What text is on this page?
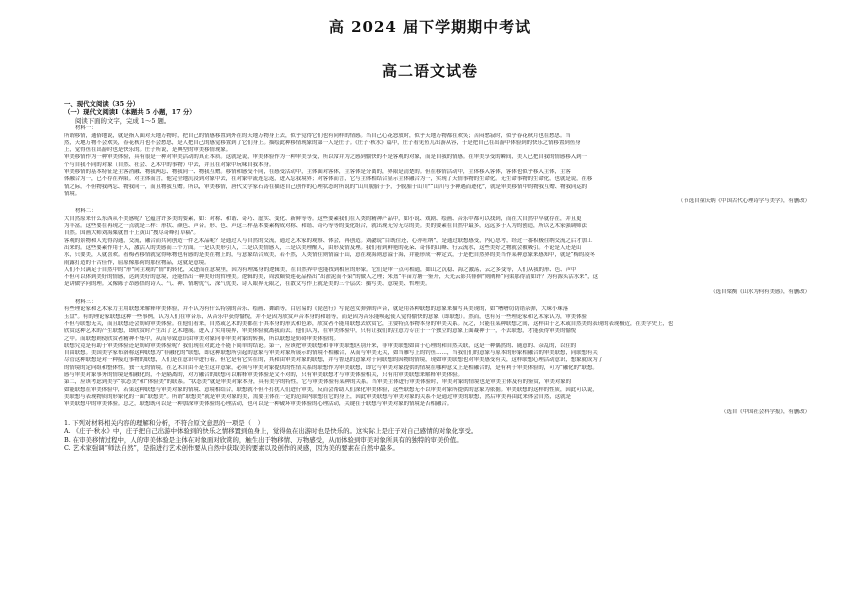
高 2024 届下学期期中考试
高二语文试卷
一、现代文阅读（35 分）
（一）现代文阅读Ⅰ（本题共 5 小题，17 分）
阅读下面的文字，完成 1～5 题。
材料一：
所谓移情，通俗地说，就是指人面对天地万物时，把自己的情感移置到外在的天地万物身上去，似乎觉得它们也有同样的情感。当自己心花怒放时，似乎天地万物都在欢笑；苦闷愁寂时，似乎春花秋月也在愁思。当
然，天地万物不会欢笑，春花秋月也不会愁思，是人把自己的感觉移置到了它们身上。描绘此种移情现象的第一人是庄子。《庄子·秋水》篇中，庄子看见鱼儿出游从容，于是把自己在出游中体验到的快乐之情移置到鱼身
上，觉得鱼在出游时也是快乐的。庄子所说，是典型的审美移情现象。
审美移情作为一种审美体验，具有很是一种对审美活动的真正本质。这就是说，审美体验作为一种审美享受，所以常并为之感到愉快的不是客观的对象，而是自我的情感。在审美享受的瞬间，美人已把自我的情感移入到一
个与自我不同的对象（自然、社会、艺术中的事物）中去，并且在对象中玩味自我本身。
审美移情的基本特征是主客消融、物我两忘、物我同一、物我互赠。移情和感受不同，在感受活动中，主体面对客体，主客体是分离的，界限是清楚的。但在移情活动中，主体移入客体，客体也似乎移入主体，主客
体融合为一，已不存在界限。对主体而言，他完全地沉浸到对象中去，在对象中流连忘返，进入忘我境界；对客体而言，它与主体相结合显示主体融合为一，实现了天情事物的生命化。无生命事物的生命化，也就是说，在移
情之际，不但物我两忘、物我同一，而且物我互赠。所以，审美移情，唐代文学家石涛在描述自己创作的心理状态时所说的“山川脱胎于予，予脱胎于山川”“山川与予神遇而迹化”，就是审美移情中的物我互赠、物我同运的
情境。
（节选自童庆炳《中国古代心理诗学与美学》，有删改）
材料二：
大自然原来什么东西从不美感呢？它蕴含许多美的要素，如：对称、和谐、奇巧、虚实、变化、新鲜等等。这些要素我们在人类的精神产品中，如小说、戏剧、绘画、音乐中都可以找到，而在大自然中早就存在，并且更
为丰富。这些要在再现之一点就是三样：形状、颜色、声音。形、色、声这三样基本要素构成对称、和谐、奇巧等等的变化组合，就出现无穷无尽的美。美的要素在自然中最多，远远多于人为的创造，所以艺术家强调师法
自然。国画大师刘海粟就曾十上黄山“搜尽奇峰打草稿”。
客观的景物和人先得沟通，交流，融合而共同创造一件艺术品呢？是通过人与自然的交流，通过艺术家的观察、体会，再创造。刘勰说“目既往还，心亦吐纳”，是通过联想感受，内心思考，经过一番积极往纳交流之后才加工
出来的。这些要素作用于人，激活人的美感而三个方面。一是以美形引人，二是以美情感人，三是以美理醒人，由形及情及理。我们看到鲜艳的花朵、奇伟的山峰、行云流水，这些美好之物就会被吸引。不论是人还是山
水，只要美，人就喜欢。看梅者移情就觉得咏物也有感的是美在物上的，与意象结合成美，若不然，人类情往则情溢于山，意在观海则意溢于海，并能形成一种定式，于是把自然界的美当作某种意象来感知中，就是“梅的凌冬
雨露打造的千古佳作，屈原像那荷的那位物品，这就是意境。
人们不只满足于自然中的“形”向主观的“情”的转化，又进而在意境里，因为有理寓身的逻辑美，在自然界中也能找到相应的形象。它们是审一点可相通，如山之沉稳、海之激荡，云之多变等，人们从我的形、色、声中
不但可以体到美好的情感，达到美好的意境，还能悟出一种美好的哲理美。逻辑的美，周敦颐赞莲花品格出“出淤泥而不染”的做人之理；朱熹“半亩方塘一鉴开，天光云影共徘徊”则阐释“问渠那得清如许？为有源头活水来”，这
是讲做学问的理。又像陈子昂感悟的诗人、气、神、情聘优气、深气优美、诗人眼界无限之，在散文写作上就是美的三个层次：摄写美、意境美、哲理美。
（选自梁衡《山水为何有美感》，有删改）
材料三：
有些理论家和艺术家力主用联想来解释审美体验，并不认为有什么特别的音乐、绘画、舞蹈等，白居易的《琵琶行》写琵琶女弹弹的声音，就是用各种联想的意象来描写具美现的，如“嘈嘈切切错杂弹，大珠小珠落
玉盘”。有的理论家联想这种一些事例，认为人们在审音乐，从音乐中获得愉悦，并不是因为欣赏声音本身的和谐等，而是因为音乐能唤起使人觉得愉快的意象（即联想）。然而，也有另一些理论家和艺术家认为，审美体验
不但与联想无关，而且联想还会妨碍审美体验。在他们看来，自然或艺术的美都在于其本身的形式和色彩，欣赏者不能用联想去欣赏它，主要特点事物本身的审美关系。反之，只能在某种联想之间，这样由于艺术或自然美的表现的表现极近，在美学史上，也
欣赏这种艺术的产生联想，即欣赏时产生出了艺术地展。进入了实用境界，审美体验就离我而去。他们认为，在审美体验中，只有让我们的注意力专注于一个独立的意象上面凝神于一，不去联想，才能获得审美的愉悦
之中。而联想则使欣赏者精神不集中，从而导致意识由审美对象向非审美对象的转换，所以联想是妨碍审美体验的。
联想究竟是有助于审美体验还是妨碍审美体验呢？我们现在对此还不能下简单的结论。第一，应该把审美联想和非审美联想区别开来，非审美联想如由于心理的和自然关联，这是一种偶然的、随意的、杂乱的，以往的
自由联想。美国美学家布洛称这种联想为“非融化的”联想，即这种联想所引起的意象与审美对象所展示的情境不相融合，从而与审美无关，如当雁写上的钓鱼……，当我们们的意象与原本的形象相融合的审美联想，同联想有关
尽管这种联想是对一种接近事物的联想，人们是在意识中进行着，但它是有它实在的，其和由审美对象的联想，并与鲁迅的意象对于同联想的因物的情境，现如审美联想也对审美感受有关，这样联想心理活动意识，想象就成为了
的情境的定向组和整体性。独一无的情境，在艺术自由不是生这并意象，必须与审美对象提供的性情关系的联想作为审美联想，即它与审美对象提供的情境在哪种意义上是相融合的，是有利于审美体验的，可为“融化的”联想。
感与审美对象事务的情境是相融化的，不是隔离的，对方融合的联想可以解释审美体验是文不对的，只有审美联想才与审美体验相关，只有用审美联想来解释审美体验。
第二，应该考虑到美学“状态美”和“体验美”的联系。“状态美”就是审美对象本身，具有美学的特性，它与审美体验有某种的关系。当审美主体进行审美体验时，审美对象的情境也是审美主体及有的鉴赏，审美对象的
如能联想在审美体验中，若果这种联想与审美对象的情境、意境相结合，联想就不但不打扰人们进行审美，反而会帮助人们深化审美体验，这些联想无不以审美对象所提供的意象为依据。审美联想的这样的性质，因此可以说，
美联想与表现物质的形象化的一面“联想美”。所谓“联想美”就是审美对象的美，需要主体在一定的范围内联想在它的身上，因此审美联想与审美对象的关系不是通过审美的联想，然后审美再由此来体会自然，这就是
审美联想中的审美体验。总之，联想既可以是一种加深审美体验的心理活动，也可以是一种破坏审美体验的心理活动，关键在于联想与审美对象的情境是否相融合。
（选自《中国社会科学报》，有删改）
1. 下列对材料相关内容的理解和分析，不符合原文意思的一项是（　）
A. 《庄子·秋水》中，庄子把自己出游中体验到的快乐之情移置到鱼身上，觉得鱼在出游时也是快乐的。这实际上是庄子对自己感情的对象化享受。
B. 在审美移情过程中，人的审美体验是主体在对象面对欣赏的，触生出于物移情、万物感受，从而体验到审美对象所具有的独特的审美价值。
C. 艺术家强调“师法自然”，是指进行艺术创作要从自然中获取美的要素以及创作的灵感，因为美的要素在自然中最多。
